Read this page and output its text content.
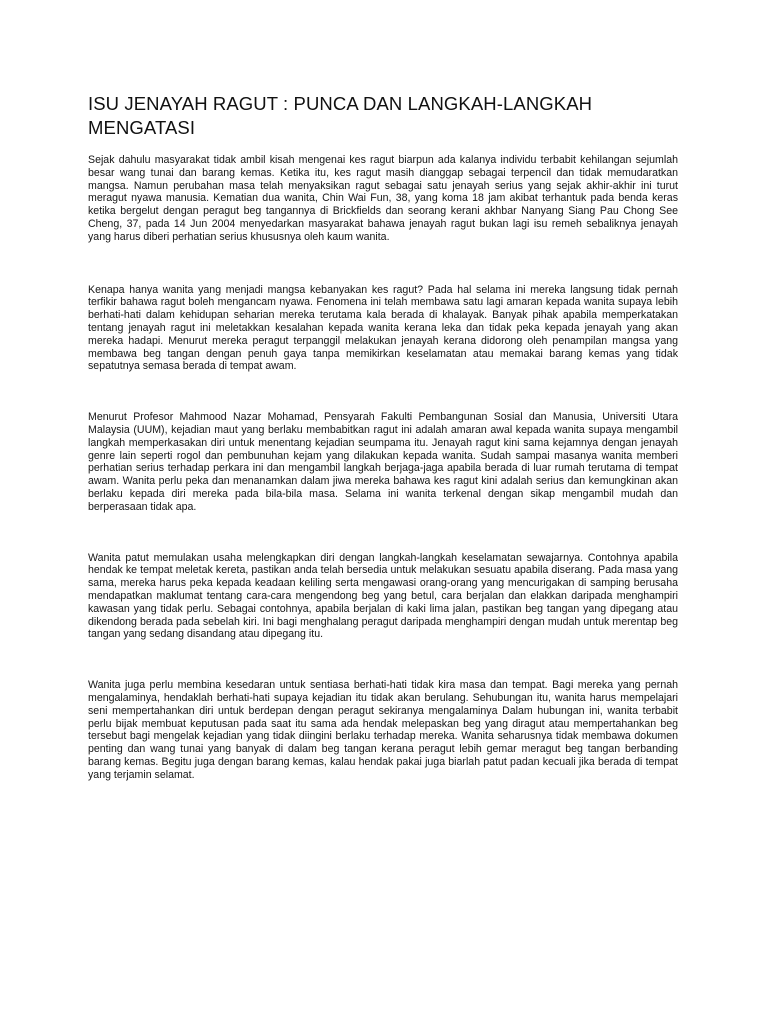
ISU JENAYAH RAGUT : PUNCA DAN LANGKAH-LANGKAH MENGATASI

Sejak dahulu masyarakat tidak ambil kisah mengenai kes ragut biarpun ada kalanya individu terbabit kehilangan sejumlah besar wang tunai dan barang kemas. Ketika itu, kes ragut masih dianggap sebagai terpencil dan tidak memudaratkan mangsa. Namun perubahan masa telah menyaksikan ragut sebagai satu jenayah serius yang sejak akhir-akhir ini turut meragut nyawa manusia. Kematian dua wanita, Chin Wai Fun, 38, yang koma 18 jam akibat terhantuk pada benda keras ketika bergelut dengan peragut beg tangannya di Brickfields dan seorang kerani akhbar Nanyang Siang Pau Chong See Cheng, 37, pada 14 Jun 2004 menyedarkan masyarakat bahawa jenayah ragut bukan lagi isu remeh sebaliknya jenayah yang harus diberi perhatian serius khususnya oleh kaum wanita.

Kenapa hanya wanita yang menjadi mangsa kebanyakan kes ragut? Pada hal selama ini mereka langsung tidak pernah terfikir bahawa ragut boleh mengancam nyawa. Fenomena ini telah membawa satu lagi amaran kepada wanita supaya lebih berhati-hati dalam kehidupan seharian mereka terutama kala berada di khalayak. Banyak pihak apabila memperkatakan tentang jenayah ragut ini meletakkan kesalahan kepada wanita kerana leka dan tidak peka kepada jenayah yang akan mereka hadapi. Menurut mereka peragut terpanggil melakukan jenayah kerana didorong oleh penampilan mangsa yang membawa beg tangan dengan penuh gaya tanpa memikirkan keselamatan atau memakai barang kemas yang tidak sepatutnya semasa berada di tempat awam.

Menurut Profesor Mahmood Nazar Mohamad, Pensyarah Fakulti Pembangunan Sosial dan Manusia, Universiti Utara Malaysia (UUM), kejadian maut yang berlaku membabitkan ragut ini adalah amaran awal kepada wanita supaya mengambil langkah memperkasakan diri untuk menentang kejadian seumpama itu. Jenayah ragut kini sama kejamnya dengan jenayah genre lain seperti rogol dan pembunuhan kejam yang dilakukan kepada wanita. Sudah sampai masanya wanita memberi perhatian serius terhadap perkara ini dan mengambil langkah berjaga-jaga apabila berada di luar rumah terutama di tempat awam. Wanita perlu peka dan menanamkan dalam jiwa mereka bahawa kes ragut kini adalah serius dan kemungkinan akan berlaku kepada diri mereka pada bila-bila masa. Selama ini wanita terkenal dengan sikap mengambil mudah dan berperasaan tidak apa.

Wanita patut memulakan usaha melengkapkan diri dengan langkah-langkah keselamatan sewajarnya. Contohnya apabila hendak ke tempat meletak kereta, pastikan anda telah bersedia untuk melakukan sesuatu apabila diserang. Pada masa yang sama, mereka harus peka kepada keadaan keliling serta mengawasi orang-orang yang mencurigakan di samping berusaha mendapatkan maklumat tentang cara-cara mengendong beg yang betul, cara berjalan dan elakkan daripada menghampiri kawasan yang tidak perlu. Sebagai contohnya, apabila berjalan di kaki lima jalan, pastikan beg tangan yang dipegang atau dikendong berada pada sebelah kiri. Ini bagi menghalang peragut daripada menghampiri dengan mudah untuk merentap beg tangan yang sedang disandang atau dipegang itu.

Wanita juga perlu membina kesedaran untuk sentiasa berhati-hati tidak kira masa dan tempat. Bagi mereka yang pernah mengalaminya, hendaklah berhati-hati supaya kejadian itu tidak akan berulang. Sehubungan itu, wanita harus mempelajari seni mempertahankan diri untuk berdepan dengan peragut sekiranya mengalaminya Dalam hubungan ini, wanita terbabit perlu bijak membuat keputusan pada saat itu sama ada hendak melepaskan beg yang diragut atau mempertahankan beg tersebut bagi mengelak kejadian yang tidak diingini berlaku terhadap mereka. Wanita seharusnya tidak membawa dokumen penting dan wang tunai yang banyak di dalam beg tangan kerana peragut lebih gemar meragut beg tangan berbanding barang kemas. Begitu juga dengan barang kemas, kalau hendak pakai juga biarlah patut padan kecuali jika berada di tempat yang terjamin selamat.
